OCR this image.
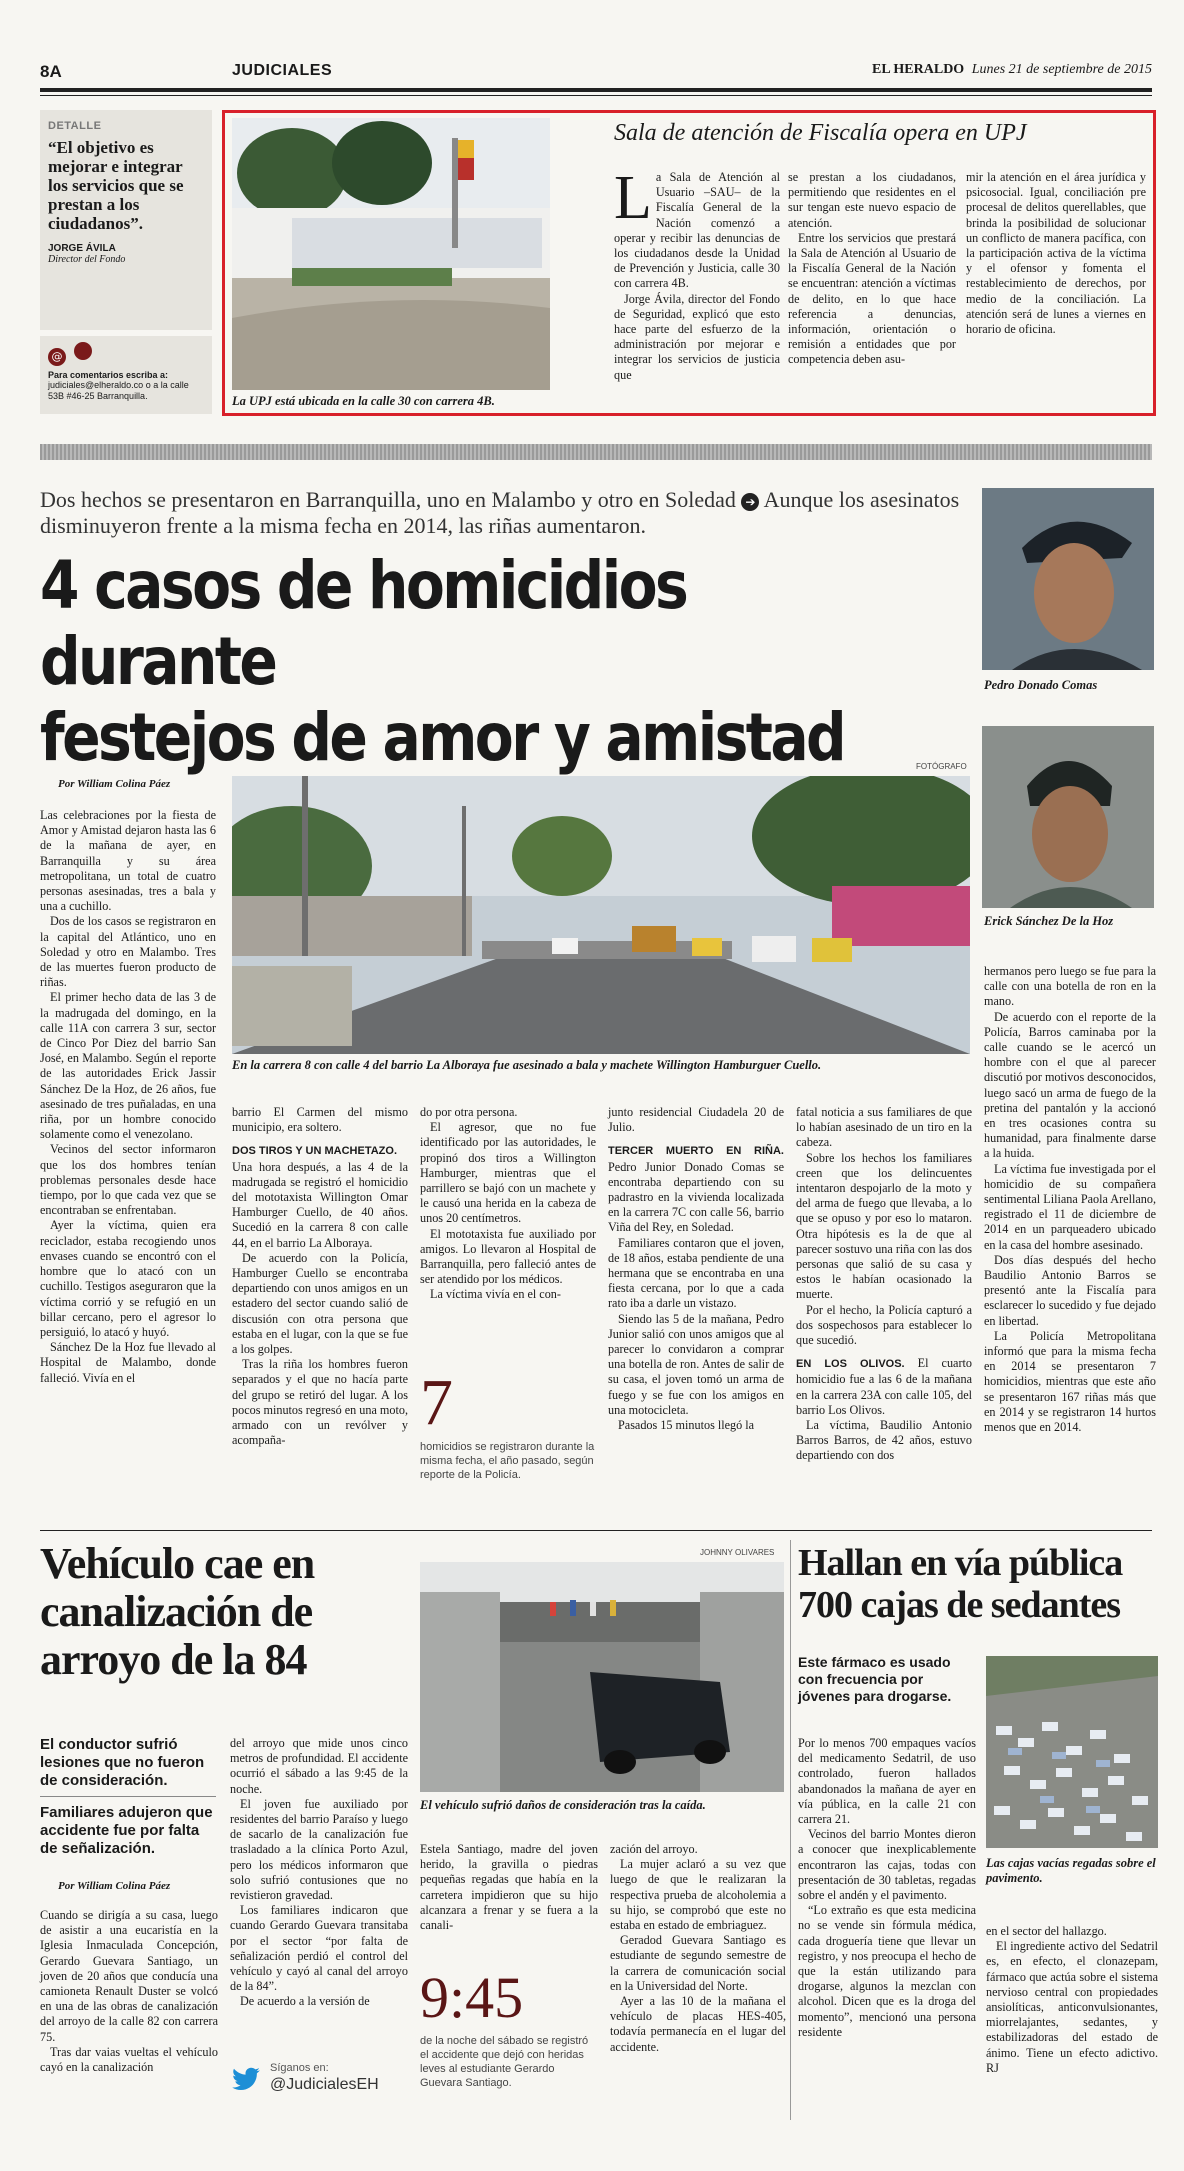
8A	JUDICIALES	EL HERALDO Lunes 21 de septiembre de 2015
DETALLE
“El objetivo es mejorar e integrar los servicios que se prestan a los ciudadanos”.
JORGE ÁVILA
Director del Fondo
@
Para comentarios escriba a:
judiciales@elheraldo.co o a la calle 53B #46-25 Barranquilla.	La UPJ está ubicada en la calle 30 con carrera 4B.
Sala de atención de Fiscalía opera en UPJ

La Sala de Atención al Usuario –SAU– de la Fiscalía General de la Nación comenzó a operar y recibir las denuncias de los ciudadanos desde la Unidad de Prevención y Justicia, calle 30 con carrera 4B.

Jorge Ávila, director del Fondo de Seguridad, explicó que esto hace parte del esfuerzo de la administración por mejorar e integrar los servicios de justicia que

se prestan a los ciudadanos, permitiendo que residentes en el sur tengan este nuevo espacio de atención.

Entre los servicios que prestará la Sala de Atención al Usuario de la Fiscalía General de la Nación se encuentran: atención a víctimas de delito, en lo que hace referencia a denuncias, información, orientación o remisión a entidades que por competencia deben asu-

mir la atención en el área jurídica y psicosocial. Igual, conciliación pre procesal de delitos querellables, que brinda la posibilidad de solucionar un conflicto de manera pacífica, con la participación activa de la víctima y el ofensor y fomenta el restablecimiento de derechos, por medio de la conciliación. La atención será de lunes a viernes en horario de oficina.

Dos hechos se presentaron en Barranquilla, uno en Malambo y otro en Soledad ➔ Aunque los asesinatos disminuyeron frente a la misma fecha en 2014, las riñas aumentaron.
4 casos de homicidios durante
festejos de amor y amistad
Pedro Donado Comas
Erick Sánchez De la Hoz
FOTÓGRAFO
En la carrera 8 con calle 4 del barrio La Alboraya fue asesinado a bala y machete Willington Hamburguer Cuello.
Por William Colina Páez

Las celebraciones por la fiesta de Amor y Amistad dejaron hasta las 6 de la mañana de ayer, en Barranquilla y su área metropolitana, un total de cuatro personas asesinadas, tres a bala y una a cuchillo.

Dos de los casos se registraron en la capital del Atlántico, uno en Soledad y otro en Malambo. Tres de las muertes fueron producto de riñas.

El primer hecho data de las 3 de la madrugada del domingo, en la calle 11A con carrera 3 sur, sector de Cinco Por Diez del barrio San José, en Malambo. Según el reporte de las autoridades Erick Jassir Sánchez De la Hoz, de 26 años, fue asesinado de tres puñaladas, en una riña, por un hombre conocido solamente como el venezolano.

Vecinos del sector informaron que los dos hombres tenían problemas personales desde hace tiempo, por lo que cada vez que se encontraban se enfrentaban.

Ayer la víctima, quien era reciclador, estaba recogiendo unos envases cuando se encontró con el hombre que lo atacó con un cuchillo. Testigos aseguraron que la víctima corrió y se refugió en un billar cercano, pero el agresor lo persiguió, lo atacó y huyó.

Sánchez De la Hoz fue llevado al Hospital de Malambo, donde falleció. Vivía en el

barrio El Carmen del mismo municipio, era soltero.

DOS TIROS Y UN MACHETAZO.

Una hora después, a las 4 de la madrugada se registró el homicidio del mototaxista Willington Omar Hamburger Cuello, de 40 años. Sucedió en la carrera 8 con calle 44, en el barrio La Alboraya.

De acuerdo con la Policía, Hamburger Cuello se encontraba departiendo con unos amigos en un estadero del sector cuando salió de discusión con otra persona que estaba en el lugar, con la que se fue a los golpes.

Tras la riña los hombres fueron separados y el que no hacía parte del grupo se retiró del lugar. A los pocos minutos regresó en una moto, armado con un revólver y acompaña-

do por otra persona.

El agresor, que no fue identificado por las autoridades, le propinó dos tiros a Willington Hamburger, mientras que el parrillero se bajó con un machete y le causó una herida en la cabeza de unos 20 centímetros.

El mototaxista fue auxiliado por amigos. Lo llevaron al Hospital de Barranquilla, pero falleció antes de ser atendido por los médicos.

La víctima vivía en el con-

7
homicidios se registraron durante la misma fecha, el año pasado, según reporte de la Policía.

junto residencial Ciudadela 20 de Julio.

TERCER MUERTO EN RIÑA. Pedro Junior Donado Comas se encontraba departiendo con su padrastro en la vivienda localizada en la carrera 7C con calle 56, barrio Viña del Rey, en Soledad.

Familiares contaron que el joven, de 18 años, estaba pendiente de una hermana que se encontraba en una fiesta cercana, por lo que a cada rato iba a darle un vistazo.

Siendo las 5 de la mañana, Pedro Junior salió con unos amigos que al parecer lo convidaron a comprar una botella de ron. Antes de salir de su casa, el joven tomó un arma de fuego y se fue con los amigos en una motocicleta.

Pasados 15 minutos llegó la

fatal noticia a sus familiares de que lo habían asesinado de un tiro en la cabeza.

Sobre los hechos los familiares creen que los delincuentes intentaron despojarlo de la moto y del arma de fuego que llevaba, a lo que se opuso y por eso lo mataron. Otra hipótesis es la de que al parecer sostuvo una riña con las dos personas que salió de su casa y estos le habían ocasionado la muerte.

Por el hecho, la Policía capturó a dos sospechosos para establecer lo que sucedió.

EN LOS OLIVOS. El cuarto homicidio fue a las 6 de la mañana en la carrera 23A con calle 105, del barrio Los Olivos.

La víctima, Baudilio Antonio Barros Barros, de 42 años, estuvo departiendo con dos

hermanos pero luego se fue para la calle con una botella de ron en la mano.

De acuerdo con el reporte de la Policía, Barros caminaba por la calle cuando se le acercó un hombre con el que al parecer discutió por motivos desconocidos, luego sacó un arma de fuego de la pretina del pantalón y la accionó en tres ocasiones contra su humanidad, para finalmente darse a la huida.

La víctima fue investigada por el homicidio de su compañera sentimental Liliana Paola Arellano, registrado el 11 de diciembre de 2014 en un parqueadero ubicado en la casa del hombre asesinado.

Dos días después del hecho Baudilio Antonio Barros se presentó ante la Fiscalía para esclarecer lo sucedido y fue dejado en libertad.

La Policía Metropolitana informó que para la misma fecha en 2014 se presentaron 7 homicidios, mientras que este año se presentaron 167 riñas más que en 2014 y se registraron 14 hurtos menos que en 2014.

Vehículo cae en canalización de arroyo de la 84
El conductor sufrió lesiones que no fueron de consideración.
Familiares adujeron que accidente fue por falta de señalización.
Por William Colina Páez

Cuando se dirigía a su casa, luego de asistir a una eucaristía en la Iglesia Inmaculada Concepción, Gerardo Guevara Santiago, un joven de 20 años que conducía una camioneta Renault Duster se volcó en una de las obras de canalización del arroyo de la calle 82 con carrera 75.

Tras dar vaias vueltas el vehículo cayó en la canalización

del arroyo que mide unos cinco metros de profundidad. El accidente ocurrió el sábado a las 9:45 de la noche.

El joven fue auxiliado por residentes del barrio Paraíso y luego de sacarlo de la canalización fue trasladado a la clínica Porto Azul, pero los médicos informaron que solo sufrió contusiones que no revistieron gravedad.

Los familiares indicaron que cuando Gerardo Guevara transitaba por el sector “por falta de señalización perdió el control del vehículo y cayó al canal del arroyo de la 84”.

De acuerdo a la versión de

Síganos en:
@JudicialesEH
JOHNNY OLIVARES
El vehículo sufrió daños de consideración tras la caída.

Estela Santiago, madre del joven herido, la gravilla o piedras pequeñas regadas que había en la carretera impidieron que su hijo alcanzara a frenar y se fuera a la canali-

9:45
de la noche del sábado se registró el accidente que dejó con heridas leves al estudiante Gerardo Guevara Santiago.

zación del arroyo.

La mujer aclaró a su vez que luego de que le realizaran la respectiva prueba de alcoholemia a su hijo, se comprobó que este no estaba en estado de embriaguez.

Geradod Guevara Santiago es estudiante de segundo semestre de la carrera de comunicación social en la Universidad del Norte.

Ayer a las 10 de la mañana el vehículo de placas HES-405, todavía permanecía en el lugar del accidente.

Hallan en vía pública 700 cajas de sedantes
Este fármaco es usado con frecuencia por jóvenes para drogarse.
Las cajas vacías regadas sobre el pavimento.

Por lo menos 700 empaques vacíos del medicamento Sedatril, de uso controlado, fueron hallados abandonados la mañana de ayer en vía pública, en la calle 21 con carrera 21.

Vecinos del barrio Montes dieron a conocer que inexplicablemente encontraron las cajas, todas con presentación de 30 tabletas, regadas sobre el andén y el pavimento.

“Lo extraño es que esta medicina no se vende sin fórmula médica, cada droguería tiene que llevar un registro, y nos preocupa el hecho de que la están utilizando para drogarse, algunos la mezclan con alcohol. Dicen que es la droga del momento”, mencionó una persona residente

en el sector del hallazgo.

El ingrediente activo del Sedatril es, en efecto, el clonazepam, fármaco que actúa sobre el sistema nervioso central con propiedades ansiolíticas, anticonvulsionantes, miorrelajantes, sedantes, y estabilizadoras del estado de ánimo. Tiene un efecto adictivo. RJ
